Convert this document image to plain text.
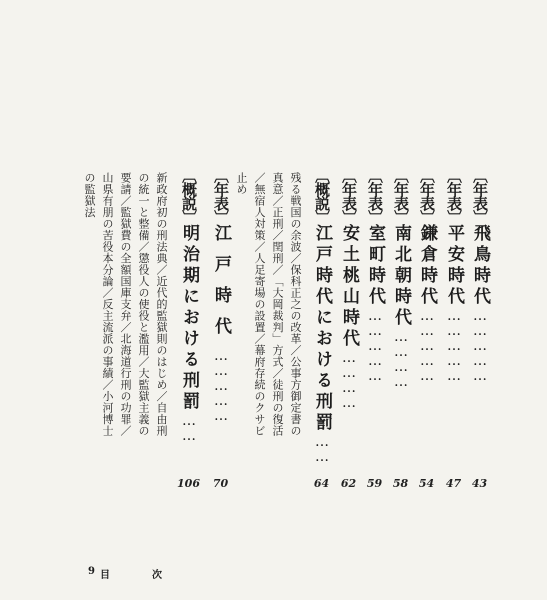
〔年表〕飛鳥時代……………
43
〔年表〕平安時代……………
47
〔年表〕鎌倉時代……………
54
〔年表〕南北朝時代…………
58
〔年表〕室町時代……………
59
〔年表〕安土桃山時代…………
62
〔概説〕江戸時代における刑罰……
64
残る戦国の余波／保科正之の改革／公事方御定書の
真意／正刑／閏刑／「大岡裁判」方式／徒刑の復活
／無宿人対策／人足寄場の設置／幕府存続のクサビ
止め
〔年表〕江戸時代……………
70
〔概説〕明治期における刑罰……
106
新政府初の刑法典／近代的監獄則のはじめ／自由刑
の統一と整備／懲役人の使役と濫用／大監獄主義の
要請／監獄費の全額国庫支弁／北海道行刑の功罪／
山県有朋の苦役本分論／反主流派の事績／小河博士
の監獄法
9 目	次
